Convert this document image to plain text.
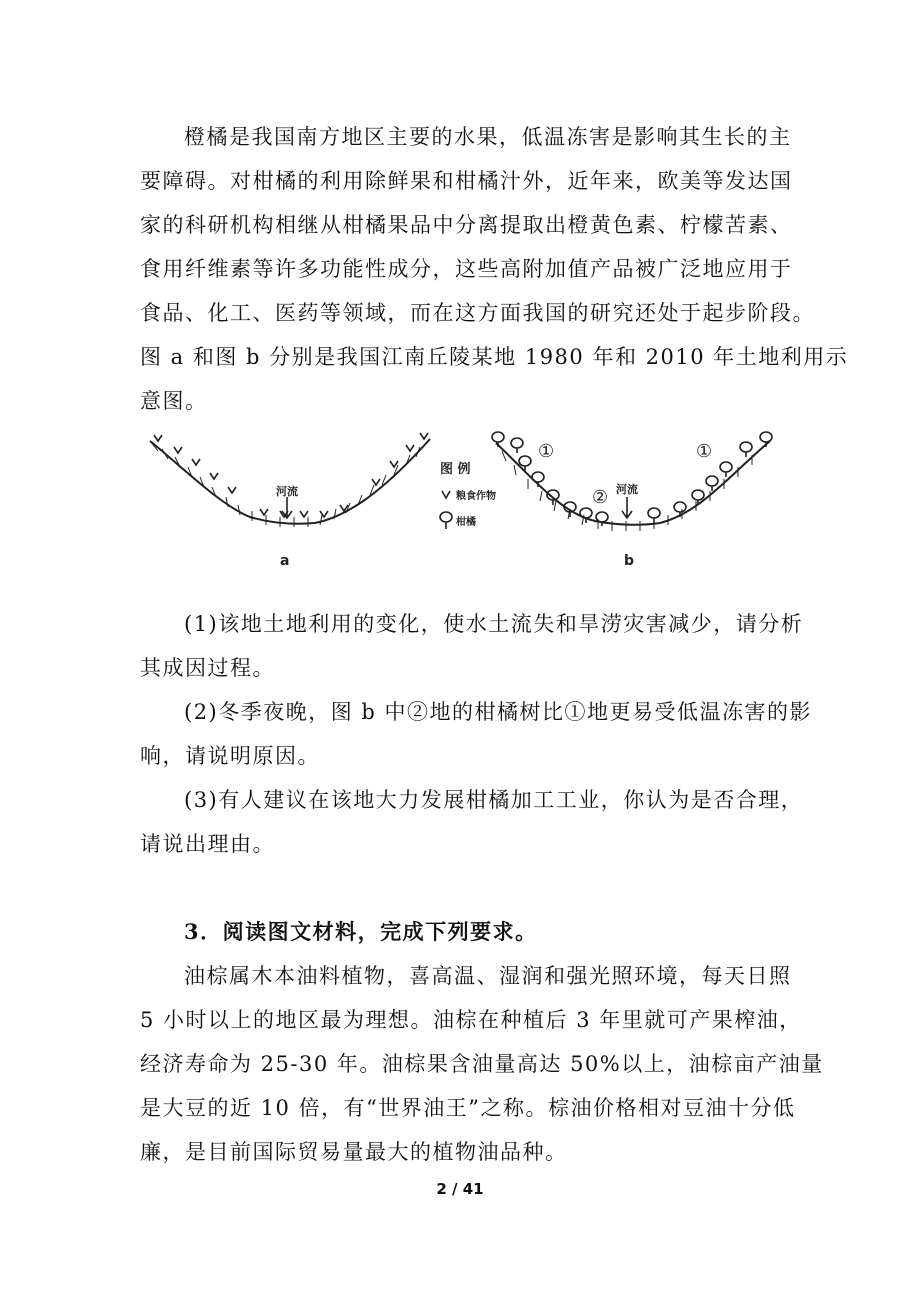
橙橘是我国南方地区主要的水果，低温冻害是影响其生长的主
要障碍。对柑橘的利用除鲜果和柑橘汁外，近年来，欧美等发达国
家的科研机构相继从柑橘果品中分离提取出橙黄色素、柠檬苦素、
食用纤维素等许多功能性成分，这些高附加值产品被广泛地应用于
食品、化工、医药等领域，而在这方面我国的研究还处于起步阶段。
图 a 和图 b 分别是我国江南丘陵某地 1980 年和 2010 年土地利用示
意图。
河流
a
图 例
粮食作物
柑橘
河流
①	①
②
b
(1)该地土地利用的变化，使水土流失和旱涝灾害减少，请分析
其成因过程。
(2)冬季夜晚，图 b 中②地的柑橘树比①地更易受低温冻害的影
响，请说明原因。
(3)有人建议在该地大力发展柑橘加工工业，你认为是否合理，
请说出理由。
3．阅读图文材料，完成下列要求。
油棕属木本油料植物，喜高温、湿润和强光照环境，每天日照
5 小时以上的地区最为理想。油棕在种植后 3 年里就可产果榨油，
经济寿命为 25-30 年。油棕果含油量高达 50%以上，油棕亩产油量
是大豆的近 10 倍，有“世界油王”之称。棕油价格相对豆油十分低
廉，是目前国际贸易量最大的植物油品种。
2 / 41
